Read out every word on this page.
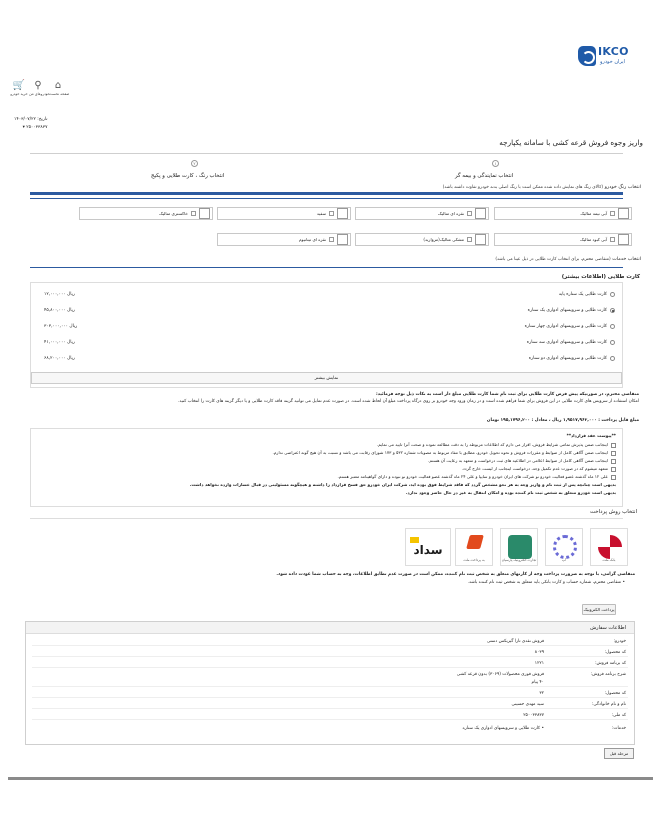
IKCO
ایران خودرو
🛒
خرید خودرو
⚲
خودروهای من
⌂
صفحه نخست
تاریخ: ۱۴۰۳/۰۷/۲۲
۲۵۰۰۳۳۸۳۷ ▾
واریز وجوه فروش قرعه کشی با سامانه یکپارچه
۱
انتخاب نمایندگی و بیمه گر
۲
انتخاب رنگ ، کارت طلایی و پکیج
انتخاب رنگ خودرو (کالای رنگ های نمایش داده شده ممکن است با رنگ اصلی بدنه خودرو تفاوت داشته باشد)
آبی نیمه متالیک
نقره ای متالیک
سفید
خاکستری متالیک
آبی کبود متالیک
مشکی متالیک(مروارید)
نقره ای تیتانیوم
انتخاب خدمات (متقاضی محترم، برای انتخاب کارت طلایی در ذیل عینا می باشد)
کارت طلایی (اطلاعات بیشتر)
کارت طلایی یک ستاره پایه
۱۲,۰۰۰,۰۰۰ ریال
کارت طلایی و سرویسهای ادواری یک ستاره
۴۵,۸۰۰,۰۰۰ ریال
کارت طلایی و سرویسهای ادواری چهار ستاره
۳۰۳,۰۰۰,۰۰۰ ریال
کارت طلایی و سرویسهای ادواری سه ستاره
۴۱,۰۰۰,۰۰۰ ریال
کارت طلایی و سرویسهای ادواری دو ستاره
۶۸,۲۰۰,۰۰۰ ریال
نمایش بیشتر
متقاضی محترم، در صورتیکه پیش فرض کارت طلایی برای ثبت نام شما کارت طلایی مبلغ دار است به نکات ذیل توجه فرمائید:
امکان استفاده از سرویس های کارت طلایی در این فروش برای شما فراهم شده است و در زمان ورود وجه خودرو بر روی درگاه پرداخت مبلغ آن لحاظ شده است. در صورت عدم تمایل می توانید گزینه فاقد کارت طلایی و یا دیگر گزینه های کارت را انتخاب کنید.
مبلغ قابل پرداخت : ۱,۹۵۱۷,۹۶۲,۰۰۰ ریال ، معادل : ۱۹۵,۱۷۹۶,۲۰۰ تومان
**پیوست عقد قرارداد**
اینجانب ضمن پذیرش تمامی شرایط فروش، اقرار می دارم که اطلاعات مربوطه را به دقت مطالعه نموده و صحت آنرا تایید می نمایم.
اینجانب ضمن آگاهی کامل از ضوابط و مقررات فروش و نحوه تحویل خودرو، مطابق با مفاد مربوط به مصوبات شماره ۵۳۲ و ۱۷۳ شورای رقابت می باشد و نسبت به آن هیچ گونه اعتراضی ندارم.
اینجانب ضمن آگاهی کامل از ضوابط اعلامی در اطلاعیه های ثبت درخواست و متعهد به رعایت آن هستم.
متعهد میشوم که در صورت عدم تکمیل وجه، درخواست اینجانب از لیست خارج گردد.
علی ۱۲ ماه گذشته عضو فعالیت خودرو نو شرکت های ایران خودرو و سایپا و علی ۲۴ ماه گذشته عضو فعالیت خودرو نو نبوده و دارای گواهینامه معتبر هستم.
بدیهی است چنانچه پس از ثبت نام و واریز وجه به هر نحو مشخص گردد که فاقد شرایط فوق بوده اید، شرکت ایران خودرو حق فسخ قرارداد را داشته و هیچگونه مسئولیتی در قبال خسارات وارده نخواهد داشت.
بدیهی است خودرو متعلق به شخص ثبت نام کننده بوده و امکان انتقال به غیر در حال حاضر وجود ندارد.
انتخاب روش پرداخت
بانک ملت
آپ
تجارت الکترونیک پارسیان
به پرداخت ملت
سداد
متقاضی گرامی، با توجه به ضرورت پرداخت وجه از کارتهای متعلق به شخص ثبت نام کننده، ممکن است در صورت عدم تطابق اطلاعات، وجه به حساب شما عودت داده شود.
• متقاضی محترم، شماره حساب و کارت بانکی باید متعلق به شخص ثبت نام کننده باشد.
پرداخت الکترونیک
اطلاعات سفارش
خودرو:
فروش نقدی تارا گیربکس دستی
کد محصول:
۸۰۳۹
کد برنامه فروش:
۱۲۲۱
شرح برنامه فروش:
فروش فوری محصولات (۳۰۶۹) بدون قرعه کشی
۴۰ پیام
کد محصول:
۳۲
نام و نام خانوادگی:
سید مهدی حسینی
کد ملی:
۲۵۰۰۳۳۸۳۷
خدمات:
• کارت طلایی و سرویسهای ادواری یک ستاره
مرحله قبل
